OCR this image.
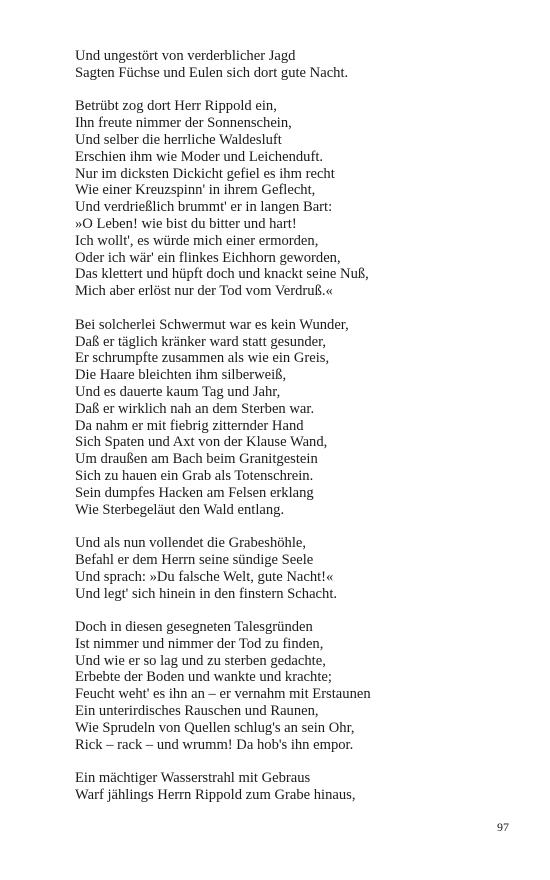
Und ungestört von verderblicher Jagd
Sagten Füchse und Eulen sich dort gute Nacht.
Betrübt zog dort Herr Rippold ein,
Ihn freute nimmer der Sonnenschein,
Und selber die herrliche Waldesluft
Erschien ihm wie Moder und Leichenduft.
Nur im dicksten Dickicht gefiel es ihm recht
Wie einer Kreuzspinn' in ihrem Geflecht,
Und verdrießlich brummt' er in langen Bart:
»O Leben! wie bist du bitter und hart!
Ich wollt', es würde mich einer ermorden,
Oder ich wär' ein flinkes Eichhorn geworden,
Das klettert und hüpft doch und knackt seine Nuß,
Mich aber erlöst nur der Tod vom Verdruß.«
Bei solcherlei Schwermut war es kein Wunder,
Daß er täglich kränker ward statt gesunder,
Er schrumpfte zusammen als wie ein Greis,
Die Haare bleichten ihm silberweiß,
Und es dauerte kaum Tag und Jahr,
Daß er wirklich nah an dem Sterben war.
Da nahm er mit fiebrig zitternder Hand
Sich Spaten und Axt von der Klause Wand,
Um draußen am Bach beim Granitgestein
Sich zu hauen ein Grab als Totenschrein.
Sein dumpfes Hacken am Felsen erklang
Wie Sterbegeläut den Wald entlang.
Und als nun vollendet die Grabeshöhle,
Befahl er dem Herrn seine sündige Seele
Und sprach: »Du falsche Welt, gute Nacht!«
Und legt' sich hinein in den finstern Schacht.
Doch in diesen gesegneten Talesgründen
Ist nimmer und nimmer der Tod zu finden,
Und wie er so lag und zu sterben gedachte,
Erbebte der Boden und wankte und krachte;
Feucht weht' es ihn an – er vernahm mit Erstaunen
Ein unterirdisches Rauschen und Raunen,
Wie Sprudeln von Quellen schlug's an sein Ohr,
Rick – rack – und wrumm! Da hob's ihn empor.
Ein mächtiger Wasserstrahl mit Gebraus
Warf jählings Herrn Rippold zum Grabe hinaus,
97
